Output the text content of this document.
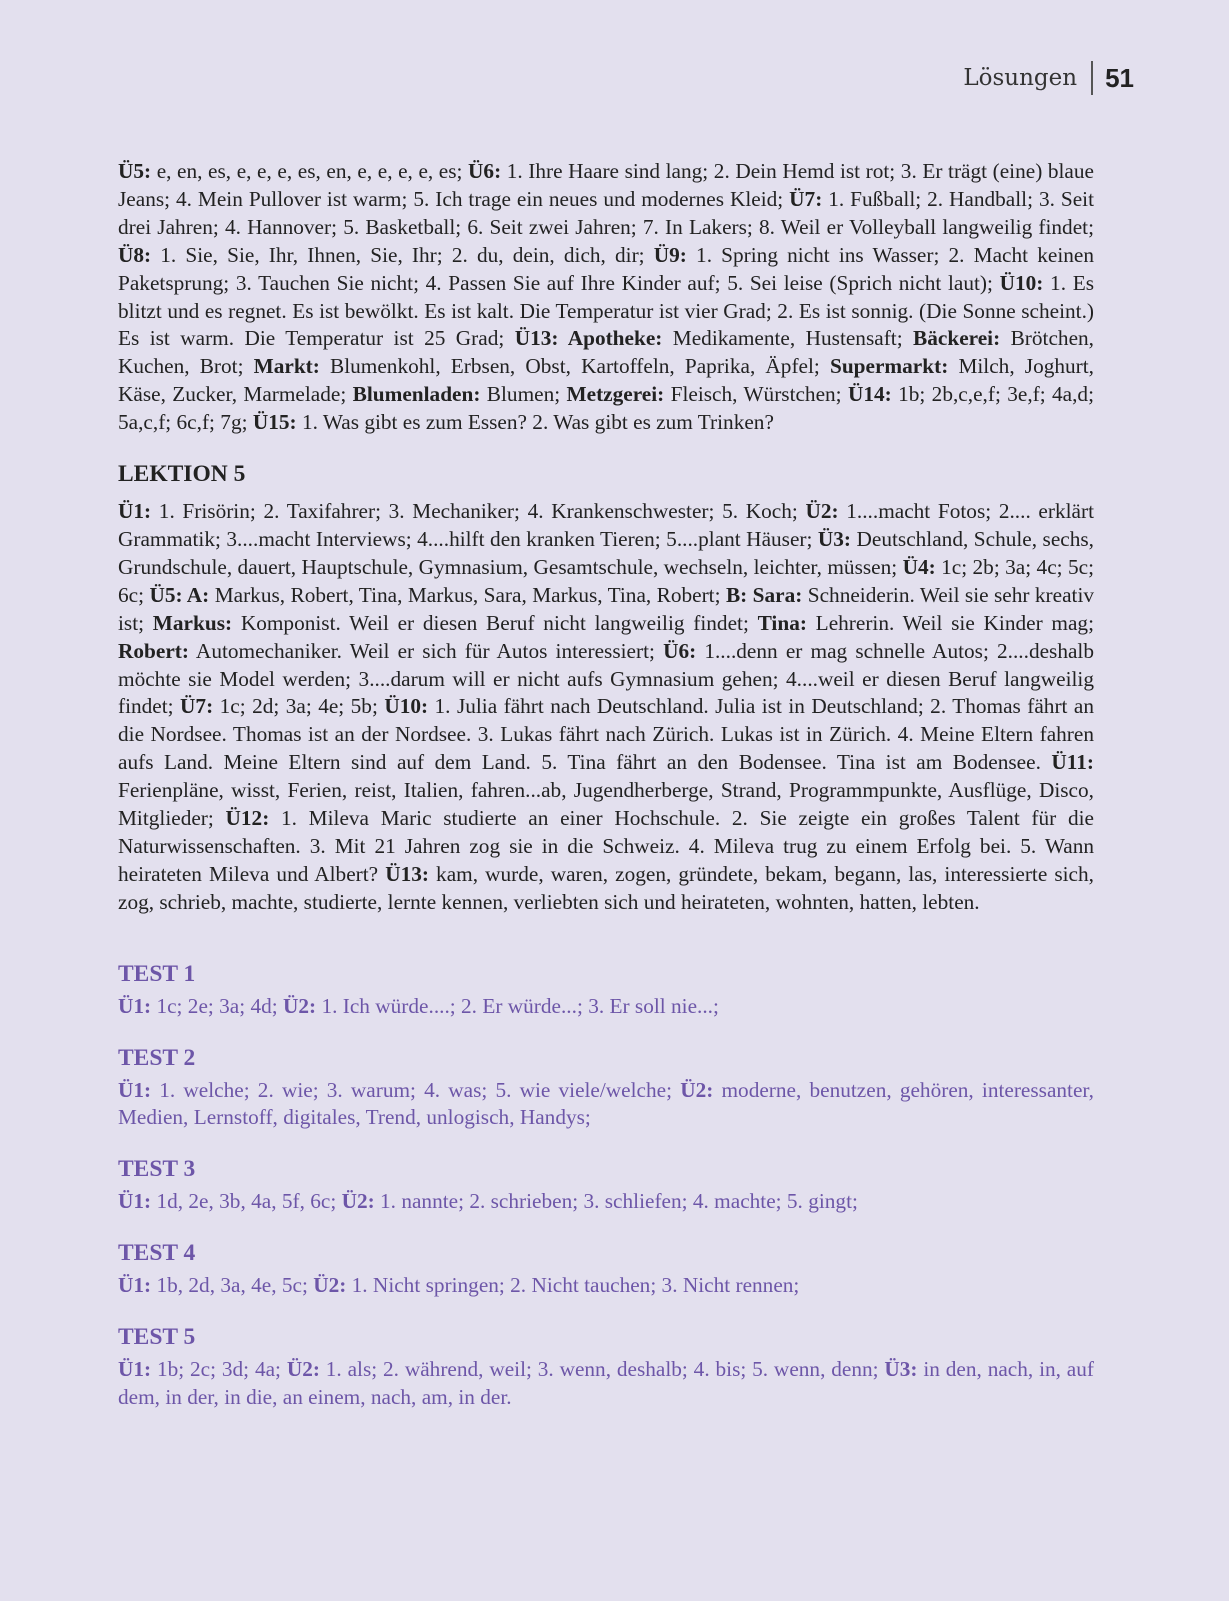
Lösungen	51

Ü5: e, en, es, e, e, e, es, en, e, e, e, e, es; Ü6: 1. Ihre Haare sind lang; 2. Dein Hemd ist rot; 3. Er trägt (eine) blaue Jeans; 4. Mein Pullover ist warm; 5. Ich trage ein neues und modernes Kleid; Ü7: 1. Fußball; 2. Handball; 3. Seit drei Jahren; 4. Hannover; 5. Basketball; 6. Seit zwei Jahren; 7. In Lakers; 8. Weil er Volleyball langweilig findet; Ü8: 1. Sie, Sie, Ihr, Ihnen, Sie, Ihr; 2. du, dein, dich, dir; Ü9: 1. Spring nicht ins Wasser; 2. Macht keinen Paketsprung; 3. Tauchen Sie nicht; 4. Passen Sie auf Ihre Kinder auf; 5. Sei leise (Sprich nicht laut); Ü10: 1. Es blitzt und es regnet. Es ist bewölkt. Es ist kalt. Die Temperatur ist vier Grad; 2. Es ist sonnig. (Die Sonne scheint.) Es ist warm. Die Temperatur ist 25 Grad; Ü13: Apotheke: Medikamente, Hustensaft; Bäckerei: Brötchen, Kuchen, Brot; Markt: Blumenkohl, Erbsen, Obst, Kartoffeln, Paprika, Äpfel; Supermarkt: Milch, Joghurt, Käse, Zucker, Marmelade; Blumenladen: Blumen; Metzgerei: Fleisch, Würstchen; Ü14: 1b; 2b,c,e,f; 3e,f; 4a,d; 5a,c,f; 6c,f; 7g; Ü15: 1. Was gibt es zum Essen? 2. Was gibt es zum Trinken?

LEKTION 5

Ü1: 1. Frisörin; 2. Taxifahrer; 3. Mechaniker; 4. Krankenschwester; 5. Koch; Ü2: 1....macht Fotos; 2.... erklärt Grammatik; 3....macht Interviews; 4....hilft den kranken Tieren; 5....plant Häuser; Ü3: Deutschland, Schule, sechs, Grundschule, dauert, Hauptschule, Gymnasium, Gesamtschule, wechseln, leichter, müssen; Ü4: 1c; 2b; 3a; 4c; 5c; 6c; Ü5: A: Markus, Robert, Tina, Markus, Sara, Markus, Tina, Robert; B: Sara: Schneiderin. Weil sie sehr kreativ ist; Markus: Komponist. Weil er diesen Beruf nicht langweilig findet; Tina: Lehrerin. Weil sie Kinder mag; Robert: Automechaniker. Weil er sich für Autos interessiert; Ü6: 1....denn er mag schnelle Autos; 2....deshalb möchte sie Model werden; 3....darum will er nicht aufs Gymnasium gehen; 4....weil er diesen Beruf langweilig findet; Ü7: 1c; 2d; 3a; 4e; 5b; Ü10: 1. Julia fährt nach Deutschland. Julia ist in Deutschland; 2. Thomas fährt an die Nordsee. Thomas ist an der Nordsee. 3. Lukas fährt nach Zürich. Lukas ist in Zürich. 4. Meine Eltern fahren aufs Land. Meine Eltern sind auf dem Land. 5. Tina fährt an den Bodensee. Tina ist am Bodensee. Ü11: Ferienpläne, wisst, Ferien, reist, Italien, fahren...ab, Jugendherberge, Strand, Programmpunkte, Ausflüge, Disco, Mitglieder; Ü12: 1. Mileva Maric studierte an einer Hochschule. 2. Sie zeigte ein großes Talent für die Naturwissenschaften. 3. Mit 21 Jahren zog sie in die Schweiz. 4. Mileva trug zu einem Erfolg bei. 5. Wann heirateten Mileva und Albert? Ü13: kam, wurde, waren, zogen, gründete, bekam, begann, las, interessierte sich, zog, schrieb, machte, studierte, lernte kennen, verliebten sich und heirateten, wohnten, hatten, lebten.

TEST 1

Ü1: 1c; 2e; 3a; 4d; Ü2: 1. Ich würde....; 2. Er würde...; 3. Er soll nie...;

TEST 2

Ü1: 1. welche; 2. wie; 3. warum; 4. was; 5. wie viele/welche; Ü2: moderne, benutzen, gehören, interessanter, Medien, Lernstoff, digitales, Trend, unlogisch, Handys;

TEST 3

Ü1: 1d, 2e, 3b, 4a, 5f, 6c; Ü2: 1. nannte; 2. schrieben; 3. schliefen; 4. machte; 5. gingt;

TEST 4

Ü1: 1b, 2d, 3a, 4e, 5c; Ü2: 1. Nicht springen; 2. Nicht tauchen; 3. Nicht rennen;

TEST 5

Ü1: 1b; 2c; 3d; 4a; Ü2: 1. als; 2. während, weil; 3. wenn, deshalb; 4. bis; 5. wenn, denn; Ü3: in den, nach, in, auf dem, in der, in die, an einem, nach, am, in der.
